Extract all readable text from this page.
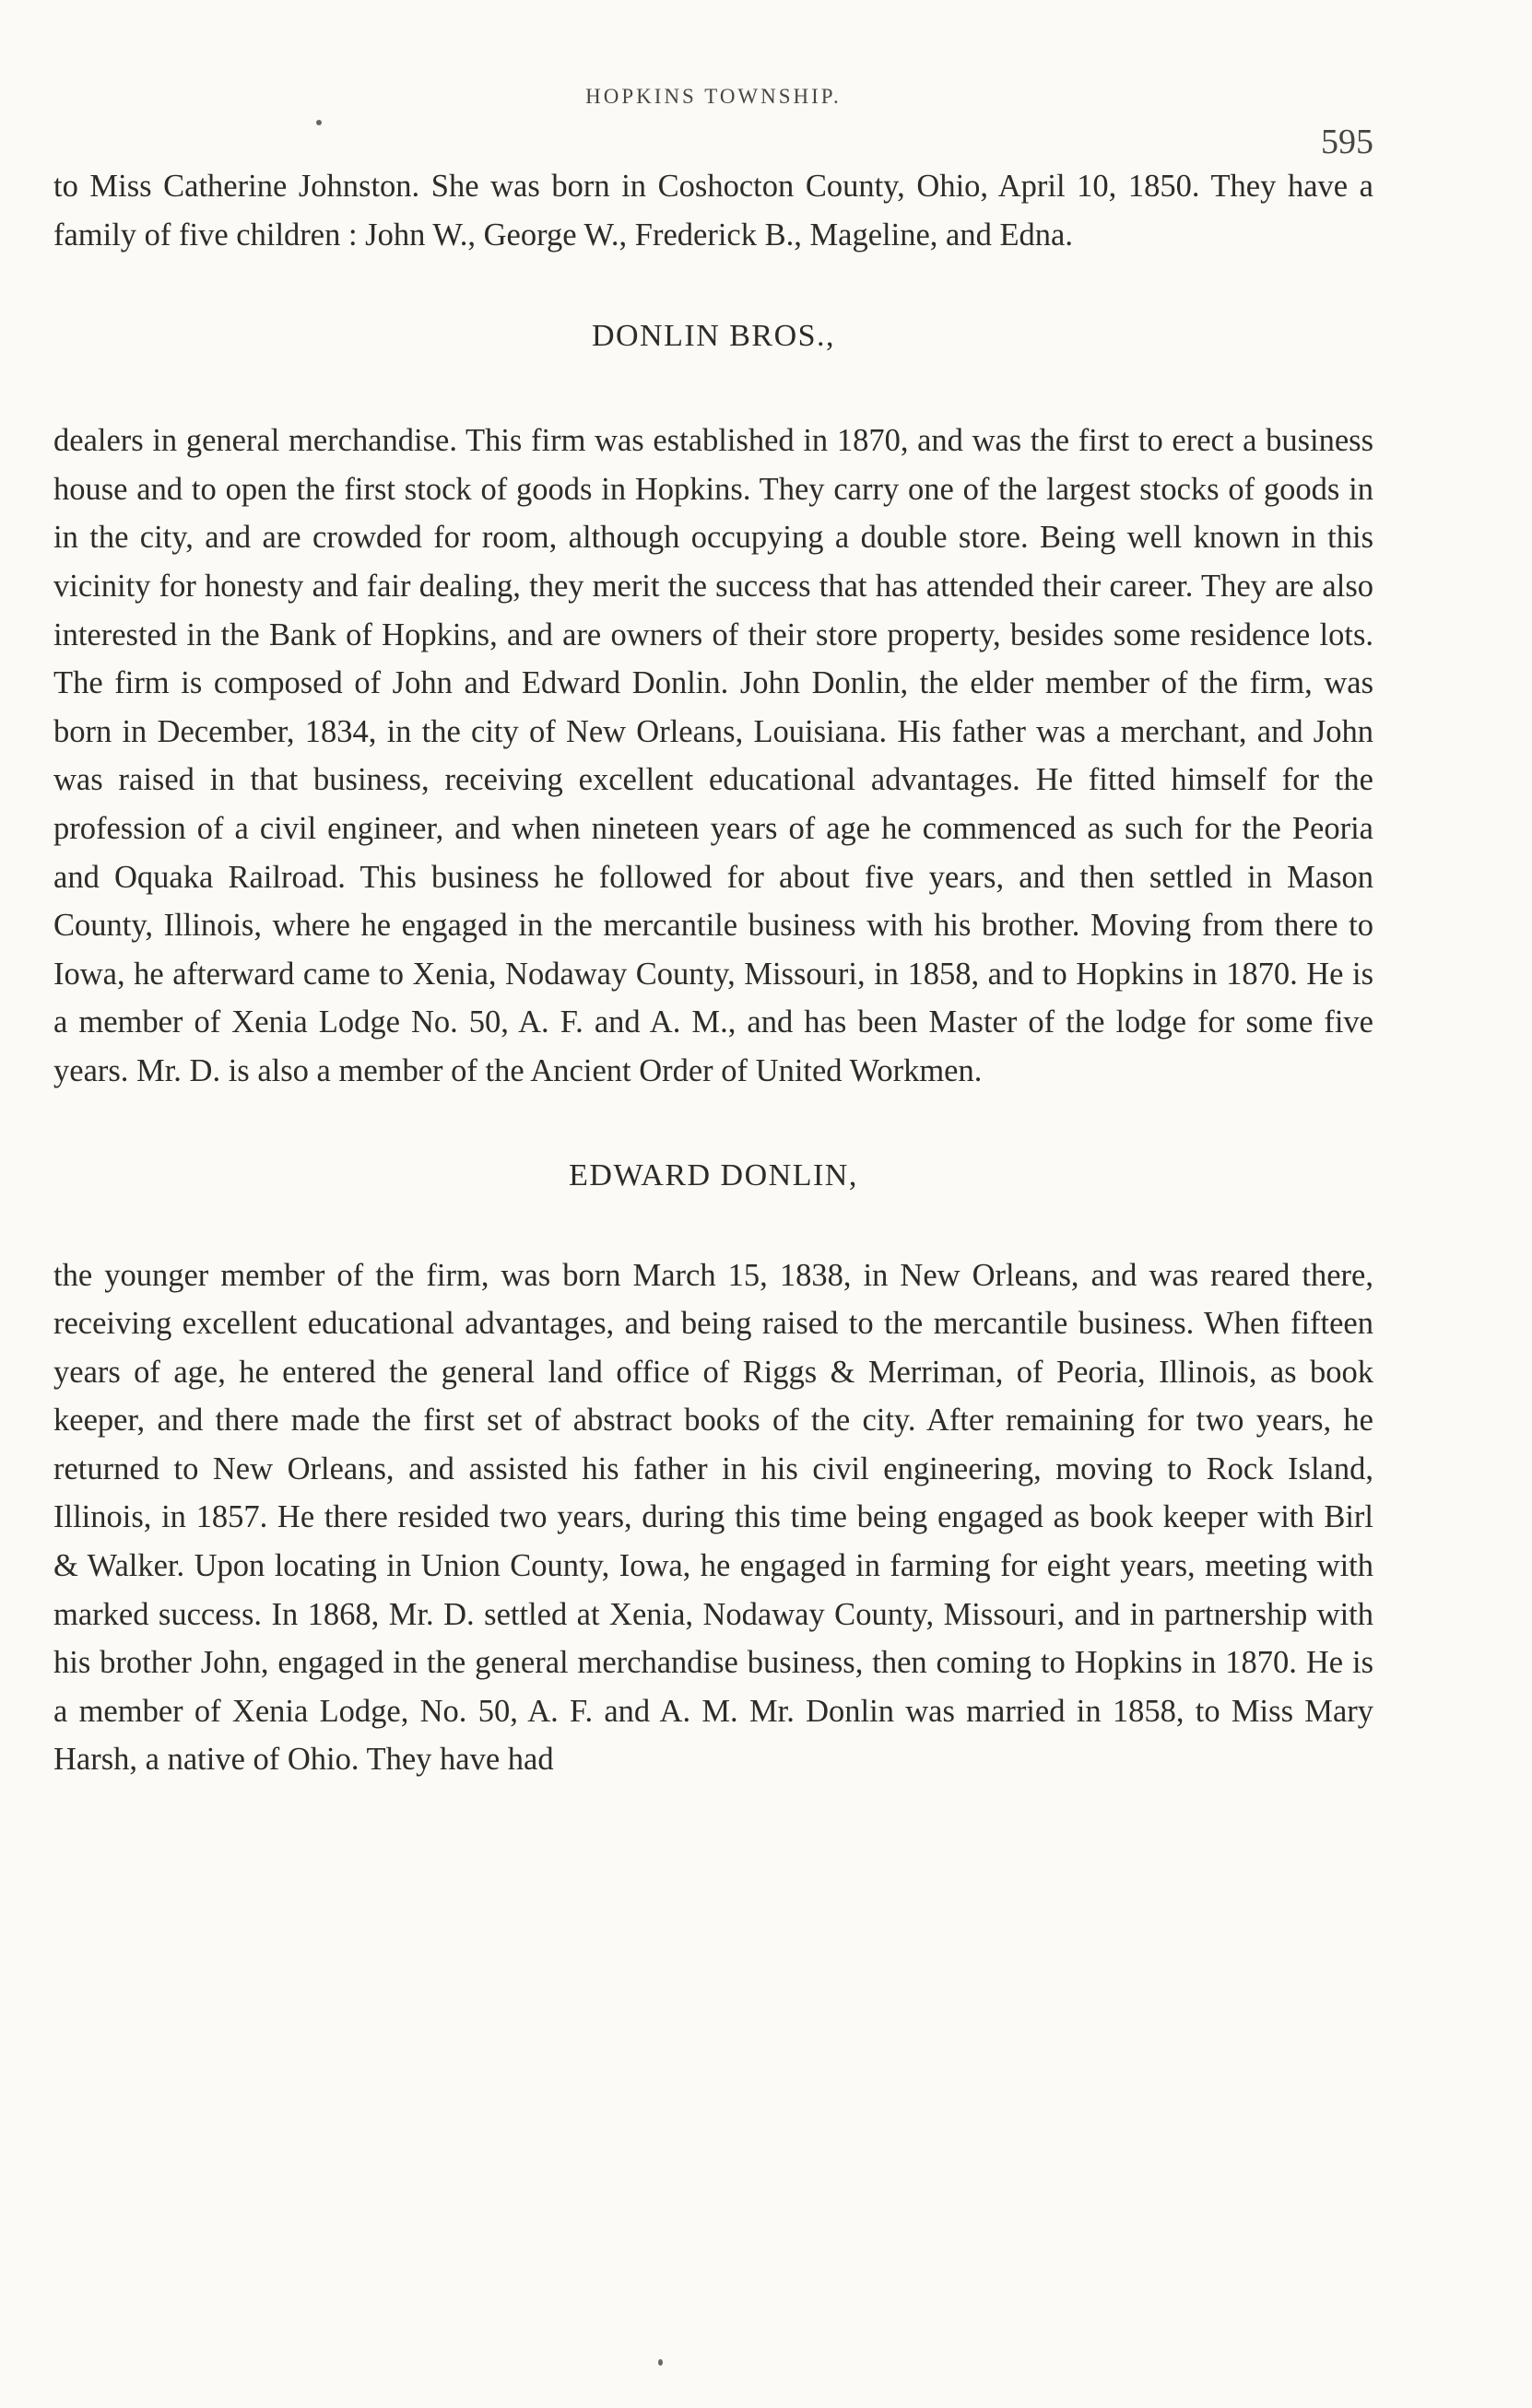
HOPKINS TOWNSHIP.
595

to Miss Catherine Johnston. She was born in Coshocton County, Ohio, April 10, 1850. They have a family of five children : John W., George W., Frederick B., Mageline, and Edna.

DONLIN BROS.,

dealers in general merchandise. This firm was established in 1870, and was the first to erect a business house and to open the first stock of goods in Hopkins. They carry one of the largest stocks of goods in in the city, and are crowded for room, although occupying a double store. Being well known in this vicinity for honesty and fair dealing, they merit the success that has attended their career. They are also interested in the Bank of Hopkins, and are owners of their store property, besides some residence lots. The firm is composed of John and Edward Donlin. John Donlin, the elder member of the firm, was born in December, 1834, in the city of New Orleans, Louisiana. His father was a merchant, and John was raised in that business, receiving excellent educational advantages. He fitted himself for the profession of a civil engineer, and when nineteen years of age he commenced as such for the Peoria and Oquaka Railroad. This business he followed for about five years, and then settled in Mason County, Illinois, where he engaged in the mercantile business with his brother. Moving from there to Iowa, he afterward came to Xenia, Nodaway County, Missouri, in 1858, and to Hopkins in 1870. He is a member of Xenia Lodge No. 50, A. F. and A. M., and has been Master of the lodge for some five years. Mr. D. is also a member of the Ancient Order of United Workmen.

EDWARD DONLIN,

the younger member of the firm, was born March 15, 1838, in New Orleans, and was reared there, receiving excellent educational advantages, and being raised to the mercantile business. When fifteen years of age, he entered the general land office of Riggs & Merriman, of Peoria, Illinois, as book keeper, and there made the first set of abstract books of the city. After remaining for two years, he returned to New Orleans, and assisted his father in his civil engineering, moving to Rock Island, Illinois, in 1857. He there resided two years, during this time being engaged as book keeper with Birl & Walker. Upon locating in Union County, Iowa, he engaged in farming for eight years, meeting with marked success. In 1868, Mr. D. settled at Xenia, Nodaway County, Missouri, and in partnership with his brother John, engaged in the general merchandise business, then coming to Hopkins in 1870. He is a member of Xenia Lodge, No. 50, A. F. and A. M. Mr. Donlin was married in 1858, to Miss Mary Harsh, a native of Ohio. They have had
